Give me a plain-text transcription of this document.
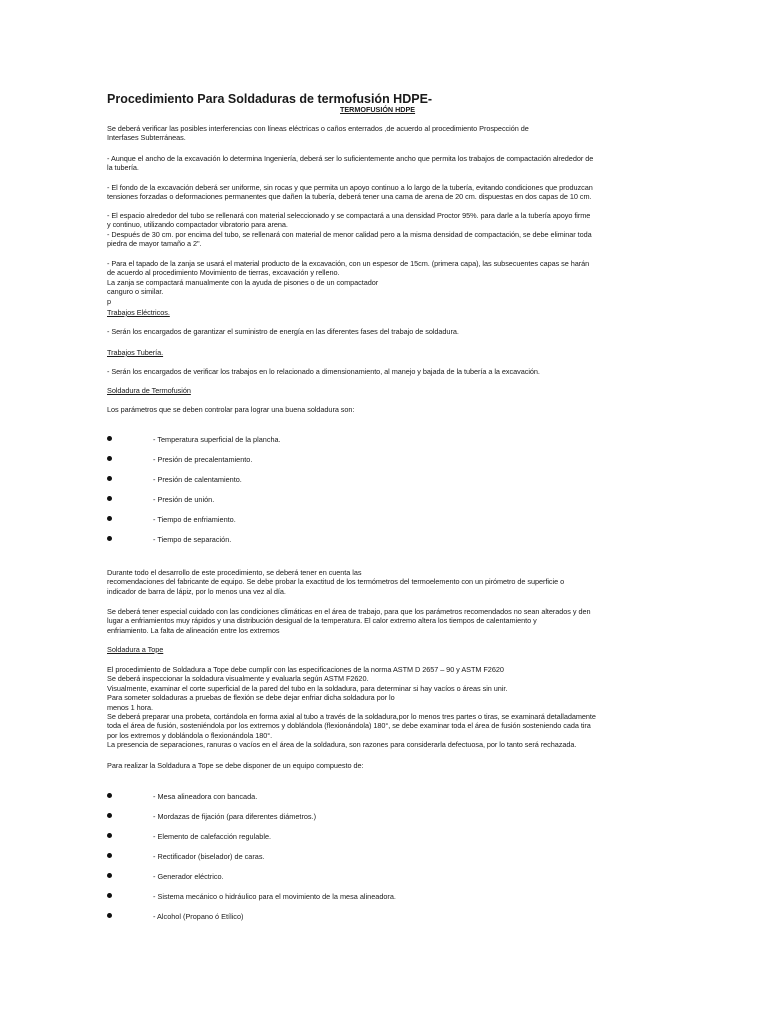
Procedimiento Para Soldaduras de termofusión HDPE-
TERMOFUSIÓN HDPE
Se deberá verificar las posibles interferencias con líneas eléctricas o caños enterrados ,de acuerdo al procedimiento Prospección de
Interfases Subterráneas.
- Aunque el ancho de la excavación lo determina Ingeniería, deberá ser lo suficientemente ancho que permita los trabajos de compactación alrededor de
la tubería.
- El fondo de la excavación deberá ser uniforme, sin rocas y que permita un apoyo continuo a lo largo de la tubería, evitando condiciones que produzcan
tensiones forzadas o deformaciones permanentes que dañen la tubería, deberá tener una cama de arena de 20 cm. dispuestas en dos capas de 10 cm.
- El espacio alrededor del tubo se rellenará con material seleccionado y se compactará a una densidad Proctor 95%. para darle a la tubería apoyo firme
y continuo, utilizando compactador vibratorio para arena.
- Después de 30 cm. por encima del tubo, se rellenará con material de menor calidad pero a la misma densidad de compactación, se debe eliminar toda
piedra de mayor tamaño a 2".
- Para el tapado de la zanja se usará el material producto de la excavación, con un espesor de 15cm. (primera capa), las subsecuentes capas se harán
de acuerdo al procedimiento Movimiento de tierras, excavación y relleno.
La zanja se compactará manualmente con la ayuda de pisones o de un compactador
canguro o similar.
p
Trabajos Eléctricos.
- Serán los encargados de garantizar el suministro de energía en las diferentes fases del trabajo de soldadura.
Trabajos Tubería.
- Serán los encargados de verificar los trabajos en lo relacionado a dimensionamiento, al manejo y bajada de la tubería a la excavación.
Soldadura de Termofusión
Los parámetros que se deben controlar para lograr una buena soldadura son:
- Temperatura superficial de la plancha.
- Presión de precalentamiento.
- Presión de calentamiento.
- Presión de unión.
- Tiempo de enfriamiento.
- Tiempo de separación.
Durante todo el desarrollo de este procedimiento, se deberá tener en cuenta las
recomendaciones del fabricante de equipo. Se debe probar la exactitud de los termómetros del termoelemento con un pirómetro de superficie o
indicador de barra de lápiz, por lo menos una vez al día.
Se deberá tener especial cuidado con las condiciones climáticas en el área de trabajo, para que los parámetros recomendados no sean alterados y den
lugar a enfriamientos muy rápidos y una distribución desigual de la temperatura. El calor extremo altera los tiempos de calentamiento y
enfriamiento. La falta de alineación entre los extremos
Soldadura a Tope
El procedimiento de Soldadura a Tope debe cumplir con las especificaciones de la norma ASTM D 2657 – 90 y ASTM F2620
Se deberá inspeccionar la soldadura visualmente y evaluarla según ASTM F2620.
Visualmente, examinar el corte superficial de la pared del tubo en la soldadura, para determinar si hay vacíos o áreas sin unir.
Para someter soldaduras a pruebas de flexión se debe dejar enfriar dicha soldadura por lo
menos 1 hora.
Se deberá preparar una probeta, cortándola en forma axial al tubo a través de la soldadura,por lo menos tres partes o tiras, se examinará detalladamente
toda el área de fusión, sosteniéndola por los extremos y doblándola (flexionándola) 180°, se debe examinar toda el área de fusión sosteniendo cada tira
por los extremos y doblándola o flexionándola 180°.
La presencia de separaciones, ranuras o vacíos en el área de la soldadura, son razones para considerarla defectuosa, por lo tanto será rechazada.
Para realizar la Soldadura a Tope se debe disponer de un equipo compuesto de:
- Mesa alineadora con bancada.
- Mordazas de fijación (para diferentes diámetros.)
- Elemento de calefacción regulable.
- Rectificador (biselador) de caras.
- Generador eléctrico.
- Sistema mecánico o hidráulico para el movimiento de la mesa alineadora.
- Alcohol (Propano ó Etílico)
